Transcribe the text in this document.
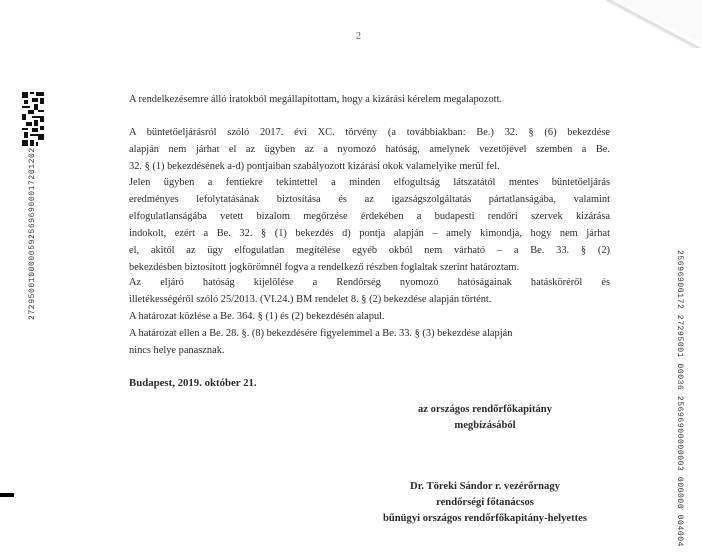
2
27295001000005925696900017201202
25696900172 27295001 00036 25696900000003 000000 004004
A rendelkezésemre álló iratokból megállapítottam, hogy a kizárási kérelem megalapozott.
A büntetőeljárásról szóló 2017. évi XC. törvény (a továbbiakban: Be.) 32. § (6) bekezdése
alapján nem járhat el az ügyben az a nyomozó hatóság, amelynek vezetőjével szemben a Be.
32. § (1) bekezdésének a-d) pontjaiban szabályozott kizárási okok valamelyike merül fel.
Jelen ügyben a fentiekre tekintettel a minden elfogultság látszatától mentes büntetőeljárás
eredményes lefolytatásának biztosítása és az igazságszolgáltatás pártatlanságába, valamint
elfogulatlanságába vetett bizalom megőrzése érdekében a budapesti rendőri szervek kizárása
indokolt, ezért a Be. 32. § (1) bekezdés d) pontja alapján – amely kimondja, hogy nem járhat
el, akitől az ügy elfogulatlan megítélése egyéb okból nem várható – a Be. 33. § (2)
bekezdésben biztosított jogkörömnél fogva a rendelkező részben foglaltak szerint határoztam.
Az eljáró hatóság kijelölése a Rendőrség nyomozó hatóságainak hatásköréről és
illetékességéről szóló 25/2013. (VI.24.) BM rendelet 8. § (2) bekezdése alapján történt.
A határozat közlése a Be. 364. § (1) és (2) bekezdésén alapul.
A határozat ellen a Be. 28. §. (8) bekezdésére figyelemmel a Be. 33. § (3) bekezdése alapján
nincs helye panasznak.
Budapest, 2019. október 21.
az országos rendőrfőkapitány
megbízásából
Dr. Töreki Sándor r. vezérőrnagy
rendőrségi főtanácsos
bűnügyi országos rendőrfőkapitány-helyettes
